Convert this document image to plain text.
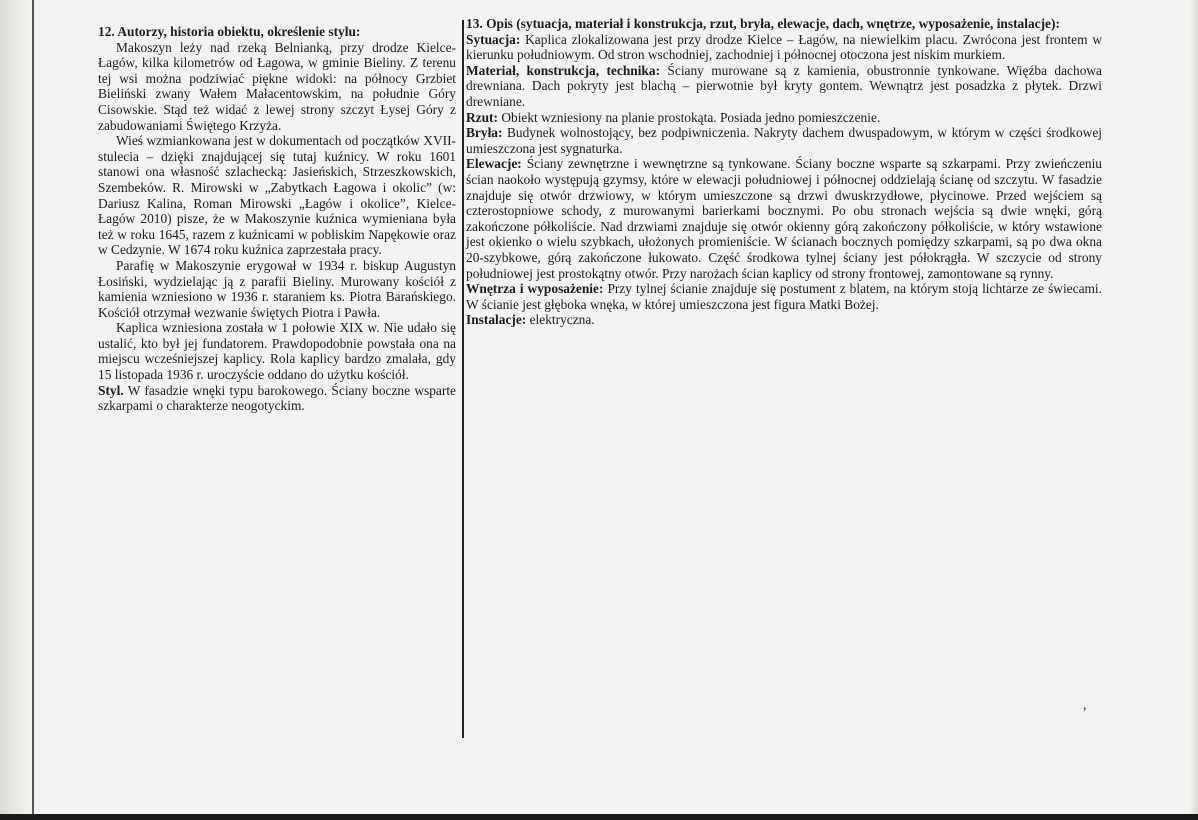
12. Autorzy, historia obiektu, określenie stylu:
Makoszyn leży nad rzeką Belnianką, przy drodze Kielce-Łagów, kilka kilometrów od Łagowa, w gminie Bieliny. Z terenu tej wsi można podziwiać piękne widoki: na północy Grzbiet Bieliński zwany Wałem Małacentowskim, na południe Góry Cisowskie. Stąd też widać z lewej strony szczyt Łysej Góry z zabudowaniami Świętego Krzyża.
Wieś wzmiankowana jest w dokumentach od początków XVII-stulecia – dzięki znajdującej się tutaj kuźnicy. W roku 1601 stanowi ona własność szlachecką: Jasieńskich, Strzeszkowskich, Szembeków. R. Mirowski w „Zabytkach Łagowa i okolic” (w: Dariusz Kalina, Roman Mirowski „Łagów i okolice”, Kielce-Łagów 2010) pisze, że w Makoszynie kuźnica wymieniana była też w roku 1645, razem z kuźnicami w pobliskim Napękowie oraz w Cedzynie. W 1674 roku kuźnica zaprzestała pracy.
Parafię w Makoszynie erygował w 1934 r. biskup Augustyn Łosiński, wydzielając ją z parafii Bieliny. Murowany kościół z kamienia wzniesiono w 1936 r. staraniem ks. Piotra Barańskiego. Kościół otrzymał wezwanie świętych Piotra i Pawła.
Kaplica wzniesiona została w 1 połowie XIX w. Nie udało się ustalić, kto był jej fundatorem. Prawdopodobnie powstała ona na miejscu wcześniejszej kaplicy. Rola kaplicy bardzo zmalała, gdy 15 listopada 1936 r. uroczyście oddano do użytku kościół.
Styl. W fasadzie wnęki typu barokowego. Ściany boczne wsparte szkarpami o charakterze neogotyckim.
13. Opis (sytuacja, materiał i konstrukcja, rzut, bryła, elewacje, dach, wnętrze, wyposażenie, instalacje):
Sytuacja: Kaplica zlokalizowana jest przy drodze Kielce – Łagów, na niewielkim placu. Zwrócona jest frontem w kierunku południowym. Od stron wschodniej, zachodniej i północnej otoczona jest niskim murkiem.
Materiał, konstrukcja, technika: Ściany murowane są z kamienia, obustronnie tynkowane. Więźba dachowa drewniana. Dach pokryty jest blachą – pierwotnie był kryty gontem. Wewnątrz jest posadzka z płytek. Drzwi drewniane.
Rzut: Obiekt wzniesiony na planie prostokąta. Posiada jedno pomieszczenie.
Bryła: Budynek wolnostojący, bez podpiwniczenia. Nakryty dachem dwuspadowym, w którym w części środkowej umieszczona jest sygnaturka.
Elewacje: Ściany zewnętrzne i wewnętrzne są tynkowane. Ściany boczne wsparte są szkarpami. Przy zwieńczeniu ścian naokoło występują gzymsy, które w elewacji południowej i północnej oddzielają ścianę od szczytu. W fasadzie znajduje się otwór drzwiowy, w którym umieszczone są drzwi dwuskrzydłowe, płycinowe. Przed wejściem są czterostopniowe schody, z murowanymi barierkami bocznymi. Po obu stronach wejścia są dwie wnęki, górą zakończone półkoliście. Nad drzwiami znajduje się otwór okienny górą zakończony półkoliście, w który wstawione jest okienko o wielu szybkach, ułożonych promieniście. W ścianach bocznych pomiędzy szkarpami, są po dwa okna 20-szybkowe, górą zakończone łukowato. Część środkowa tylnej ściany jest półokrągła. W szczycie od strony południowej jest prostokątny otwór. Przy narożach ścian kaplicy od strony frontowej, zamontowane są rynny.
Wnętrza i wyposażenie: Przy tylnej ścianie znajduje się postument z blatem, na którym stoją lichtarze ze świecami. W ścianie jest głęboka wnęka, w której umieszczona jest figura Matki Bożej.
Instalacje: elektryczna.
,
